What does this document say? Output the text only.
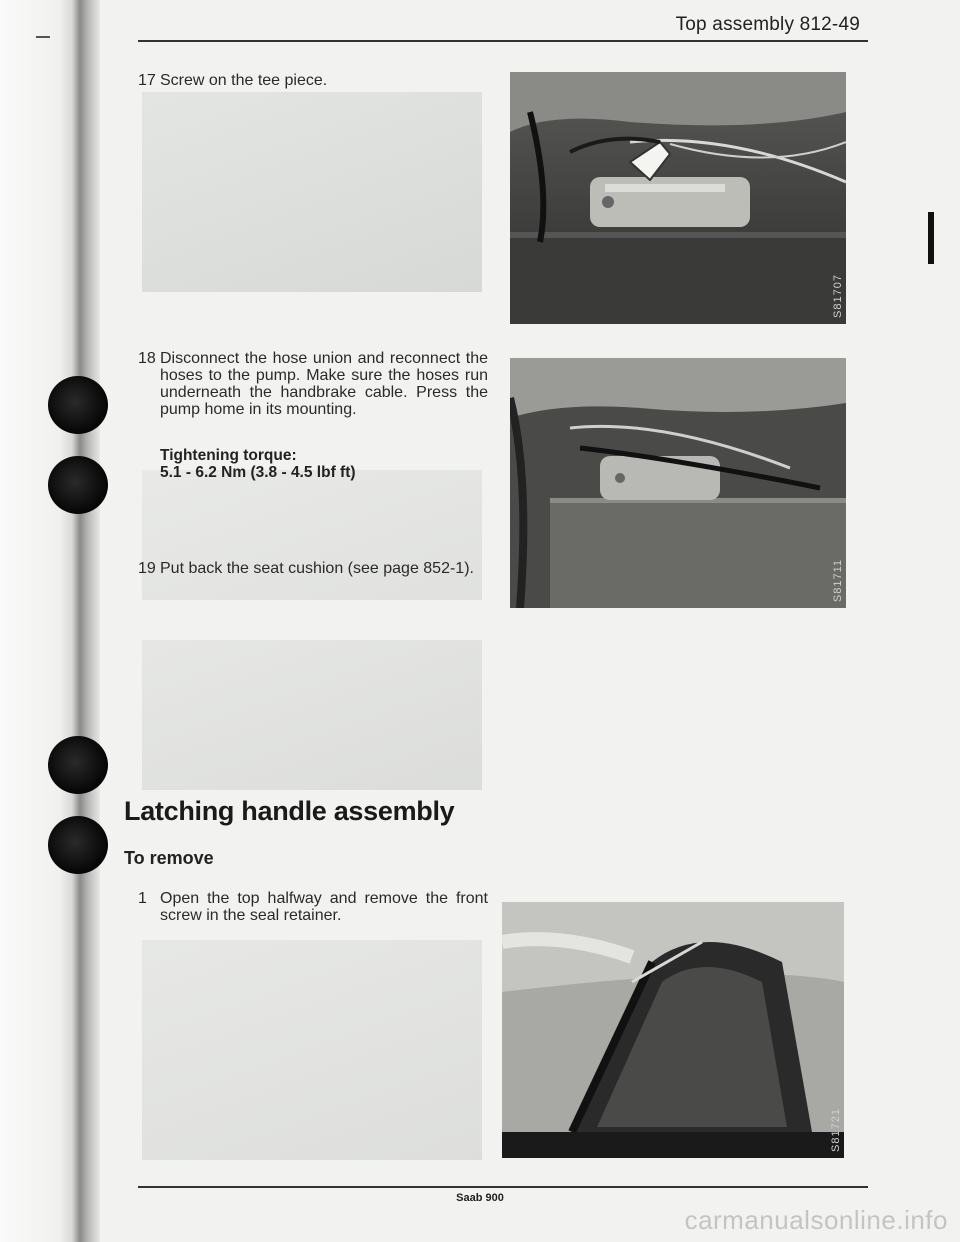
Top assembly 812-49
17 Screw on the tee piece.
18 Disconnect the hose union and reconnect the hoses to the pump. Make sure the hoses run underneath the handbrake cable. Press the pump home in its mounting.
Tightening torque:
5.1 - 6.2 Nm (3.8 - 4.5 lbf ft)
19 Put back the seat cushion (see page 852-1).
Latching handle assembly
To remove
1 Open the top halfway and remove the front screw in the seal retainer.
S81707
S81711
S81721
Saab 900
carmanualsonline.info
